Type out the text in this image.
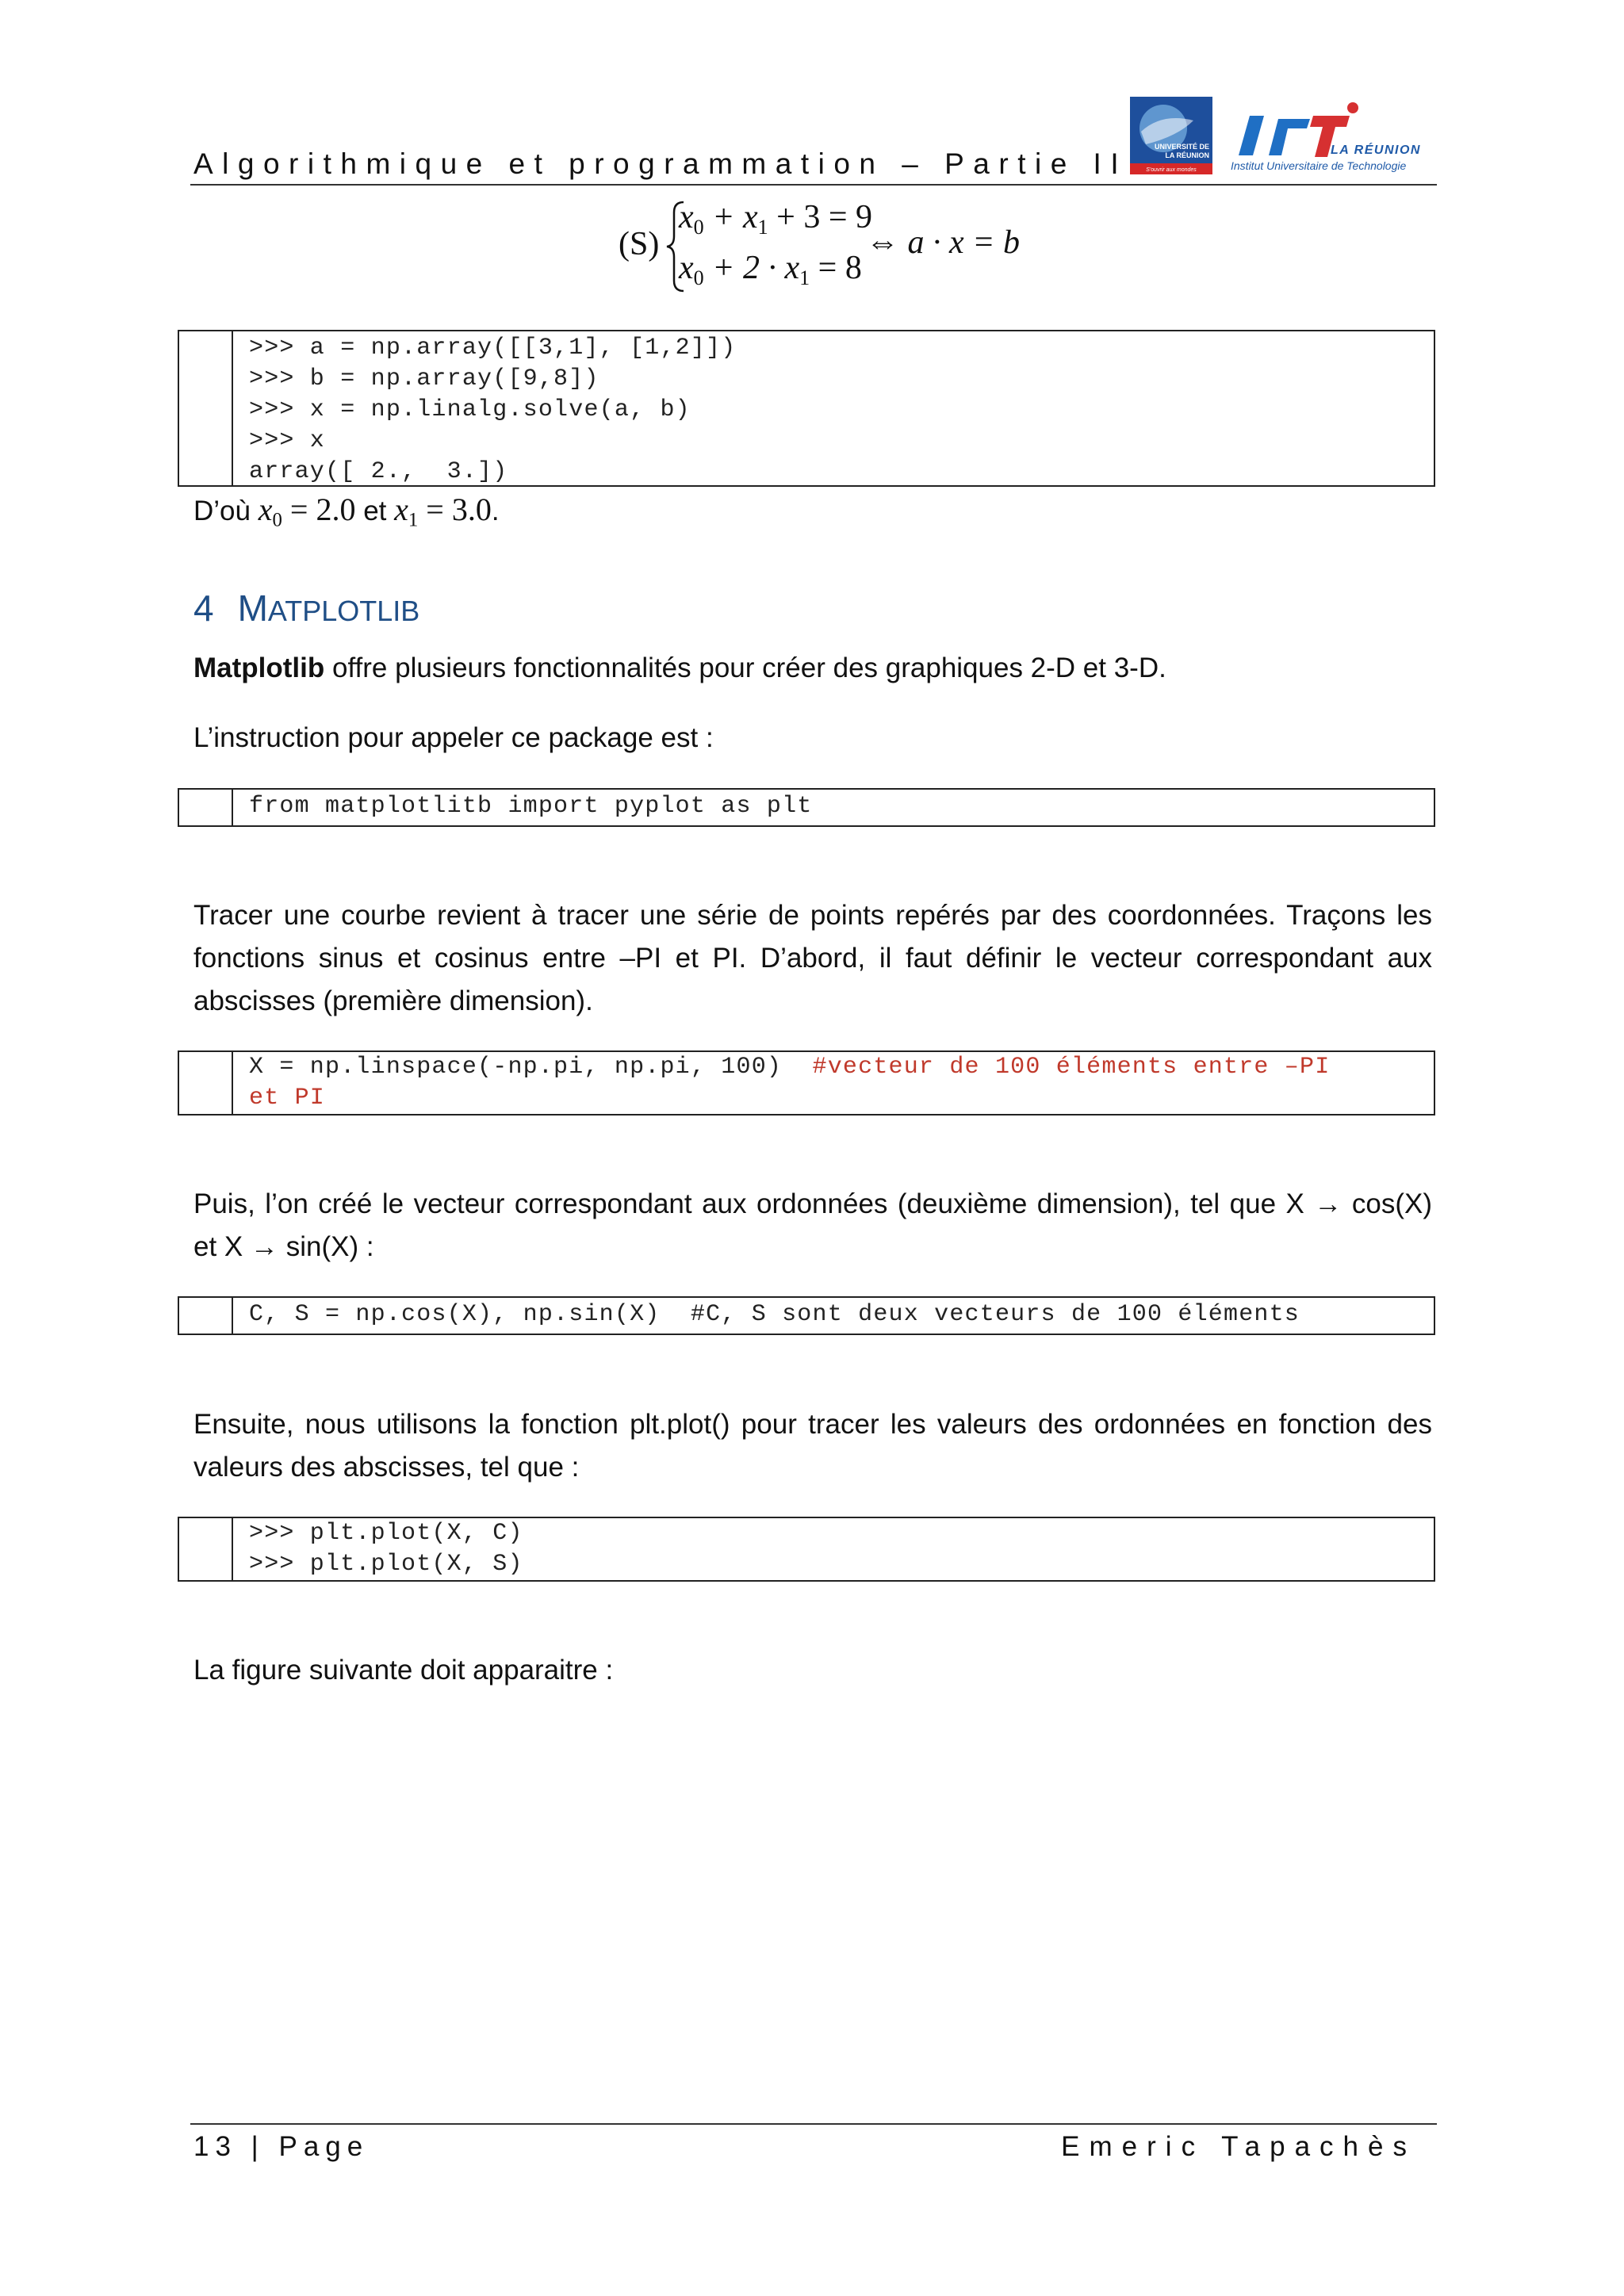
Algorithmique et programmation – Partie II
UNIVERSITÉ DE
LA RÉUNION
S'ouvrir aux mondes
LA RÉUNION
Institut Universitaire de Technologie
(S)
$x_0 + x_1 + 3 = 9$
$x_0 + 2 \cdot x_1 = 8$
⇔ a · x = b
>>> a = np.array([[3,1], [1,2]])
>>> b = np.array([9,8])
>>> x = np.linalg.solve(a, b)
>>> x
array([ 2.,  3.])
D’où $x_0 = 2.0$ et $x_1 = 3.0$.
4 MATPLOTLIB
Matplotlib offre plusieurs fonctionnalités pour créer des graphiques 2-D et 3-D.
L’instruction pour appeler ce package est :
from matplotlitb import pyplot as plt
Tracer une courbe revient à tracer une série de points repérés par des coordonnées. Traçons les fonctions sinus et cosinus entre –PI et PI. D’abord, il faut définir le vecteur correspondant aux abscisses (première dimension).
X = np.linspace(-np.pi, np.pi, 100)  #vecteur de 100 éléments entre –PI
et PI
Puis, l’on créé le vecteur correspondant aux ordonnées (deuxième dimension), tel que X → cos(X) et X → sin(X) :
C, S = np.cos(X), np.sin(X)  #C, S sont deux vecteurs de 100 éléments
Ensuite, nous utilisons la fonction plt.plot() pour tracer les valeurs des ordonnées en fonction des valeurs des abscisses, tel que :
>>> plt.plot(X, C)
>>> plt.plot(X, S)
La figure suivante doit apparaitre :
13 | Page	Emeric Tapachès
